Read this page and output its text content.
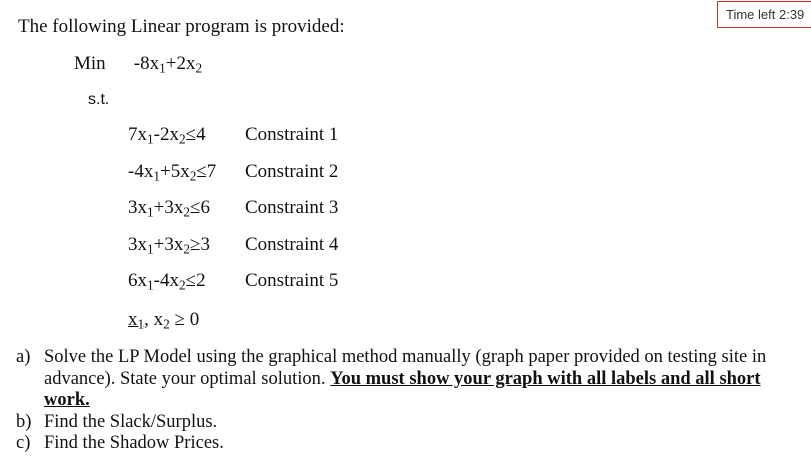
Time left 2:39
The following Linear program is provided:
Min $-8x_1+2x_2$
s.t.
$7x_1-2x_2\le 4$	Constraint 1
$-4x_1+5x_2\le 7$	Constraint 2
$3x_1+3x_2\le 6$	Constraint 3
$3x_1+3x_2\ge 3$	Constraint 4
$6x_1-4x_2\le 2$	Constraint 5
$x_1$, $x_2 \ge 0$
a) Solve the LP Model using the graphical method manually (graph paper provided on testing site in advance). State your optimal solution. You must show your graph with all labels and all short work.
b) Find the Slack/Surplus.
c) Find the Shadow Prices.
